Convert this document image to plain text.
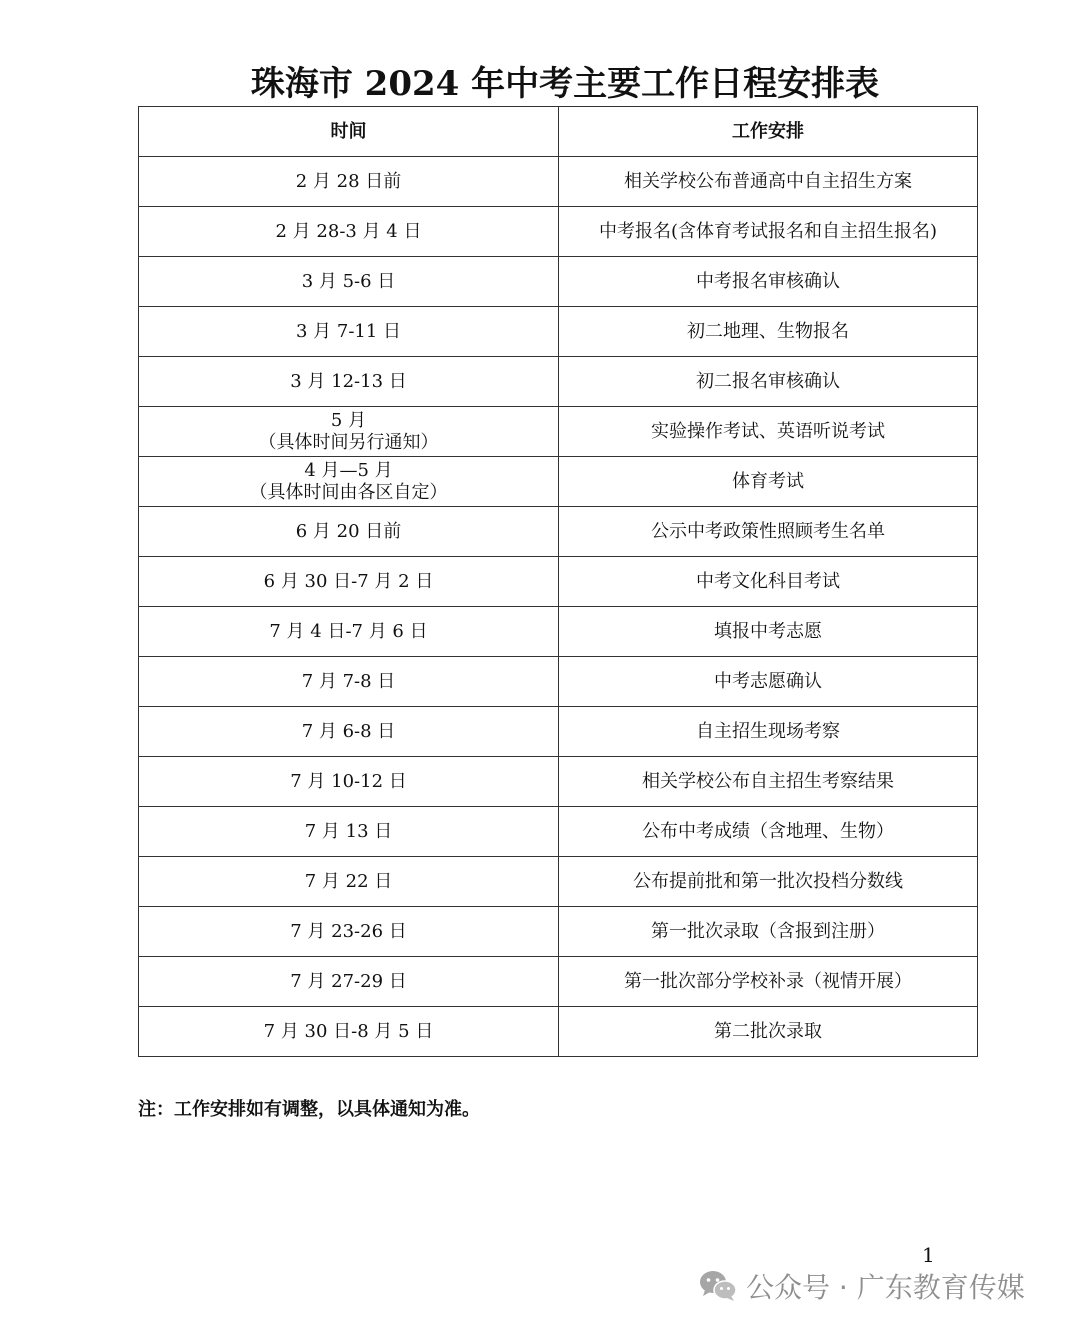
珠海市 2024 年中考主要工作日程安排表
时间	工作安排

2 月 28 日前	相关学校公布普通高中自主招生方案

2 月 28-3 月 4 日	中考报名(含体育考试报名和自主招生报名)

3 月 5-6 日	中考报名审核确认

3 月 7-11 日	初二地理、生物报名

3 月 12-13 日	初二报名审核确认

5 月
（具体时间另行通知）	实验操作考试、英语听说考试

4 月—5 月
（具体时间由各区自定）	体育考试

6 月 20 日前	公示中考政策性照顾考生名单

6 月 30 日-7 月 2 日	中考文化科目考试

7 月 4 日-7 月 6 日	填报中考志愿

7 月 7-8 日	中考志愿确认

7 月 6-8 日	自主招生现场考察

7 月 10-12 日	相关学校公布自主招生考察结果

7 月 13 日	公布中考成绩（含地理、生物）

7 月 22 日	公布提前批和第一批次投档分数线

7 月 23-26 日	第一批次录取（含报到注册）

7 月 27-29 日	第一批次部分学校补录（视情开展）

7 月 30 日-8 月 5 日	第二批次录取
注：工作安排如有调整，以具体通知为准。
1
公众号 · 广东教育传媒
